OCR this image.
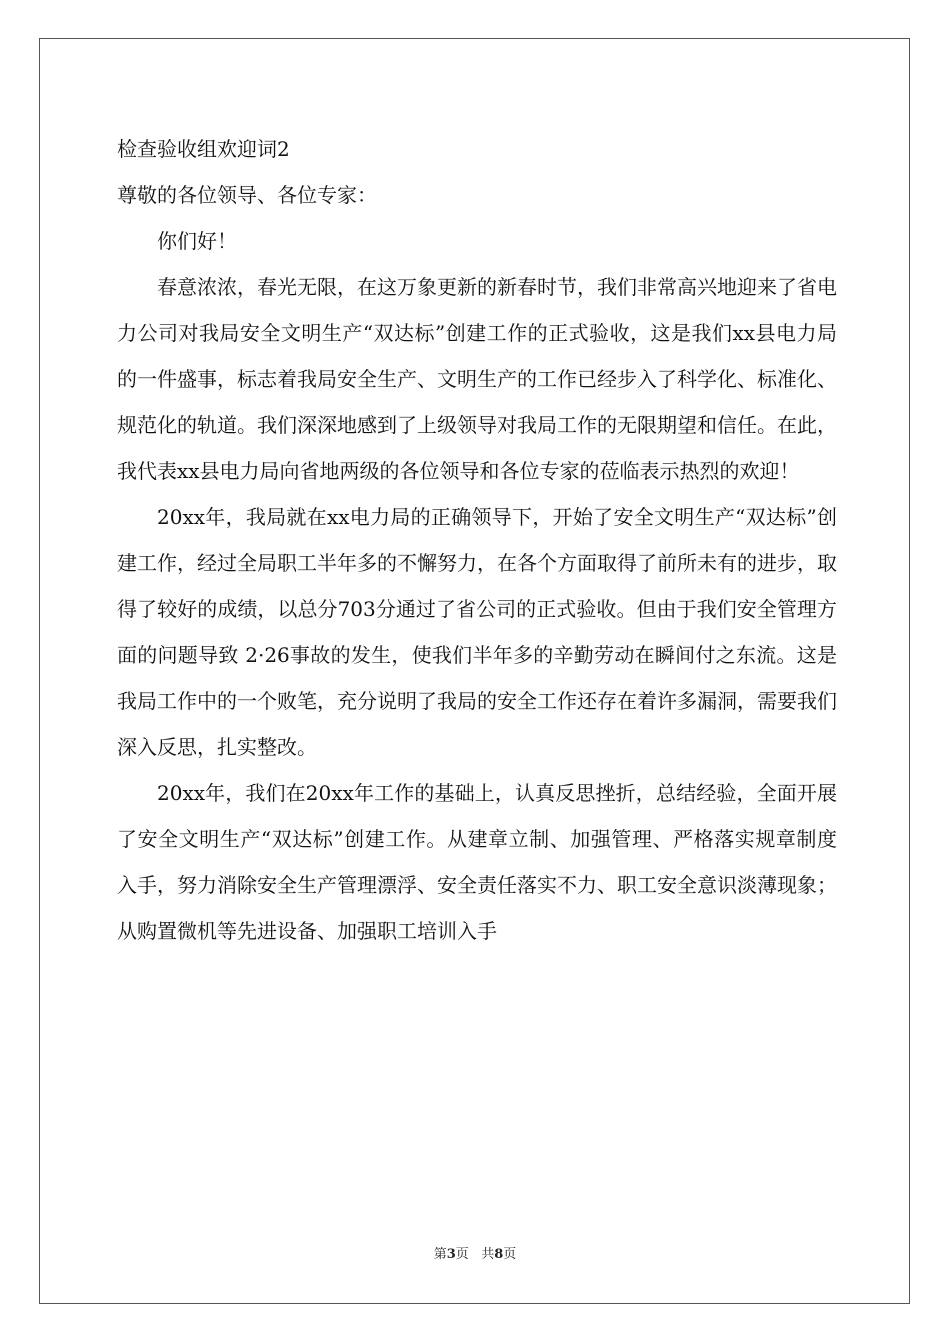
检查验收组欢迎词2

尊敬的各位领导、各位专家：

你们好！

春意浓浓，春光无限，在这万象更新的新春时节，我们非常高兴地迎来了省电力公司对我局安全文明生产“双达标”创建工作的正式验收，这是我们xx县电力局的一件盛事，标志着我局安全生产、文明生产的工作已经步入了科学化、标准化、规范化的轨道。我们深深地感到了上级领导对我局工作的无限期望和信任。在此，我代表xx县电力局向省地两级的各位领导和各位专家的莅临表示热烈的欢迎！

20xx年，我局就在xx电力局的正确领导下，开始了安全文明生产“双达标”创建工作，经过全局职工半年多的不懈努力，在各个方面取得了前所未有的进步，取得了较好的成绩，以总分703分通过了省公司的正式验收。但由于我们安全管理方面的问题导致 2·26事故的发生，使我们半年多的辛勤劳动在瞬间付之东流。这是我局工作中的一个败笔，充分说明了我局的安全工作还存在着许多漏洞，需要我们深入反思，扎实整改。

20xx年，我们在20xx年工作的基础上，认真反思挫折，总结经验，全面开展了安全文明生产“双达标”创建工作。从建章立制、加强管理、严格落实规章制度入手，努力消除安全生产管理漂浮、安全责任落实不力、职工安全意识淡薄现象；从购置微机等先进设备、加强职工培训入手

第3页 共8页
